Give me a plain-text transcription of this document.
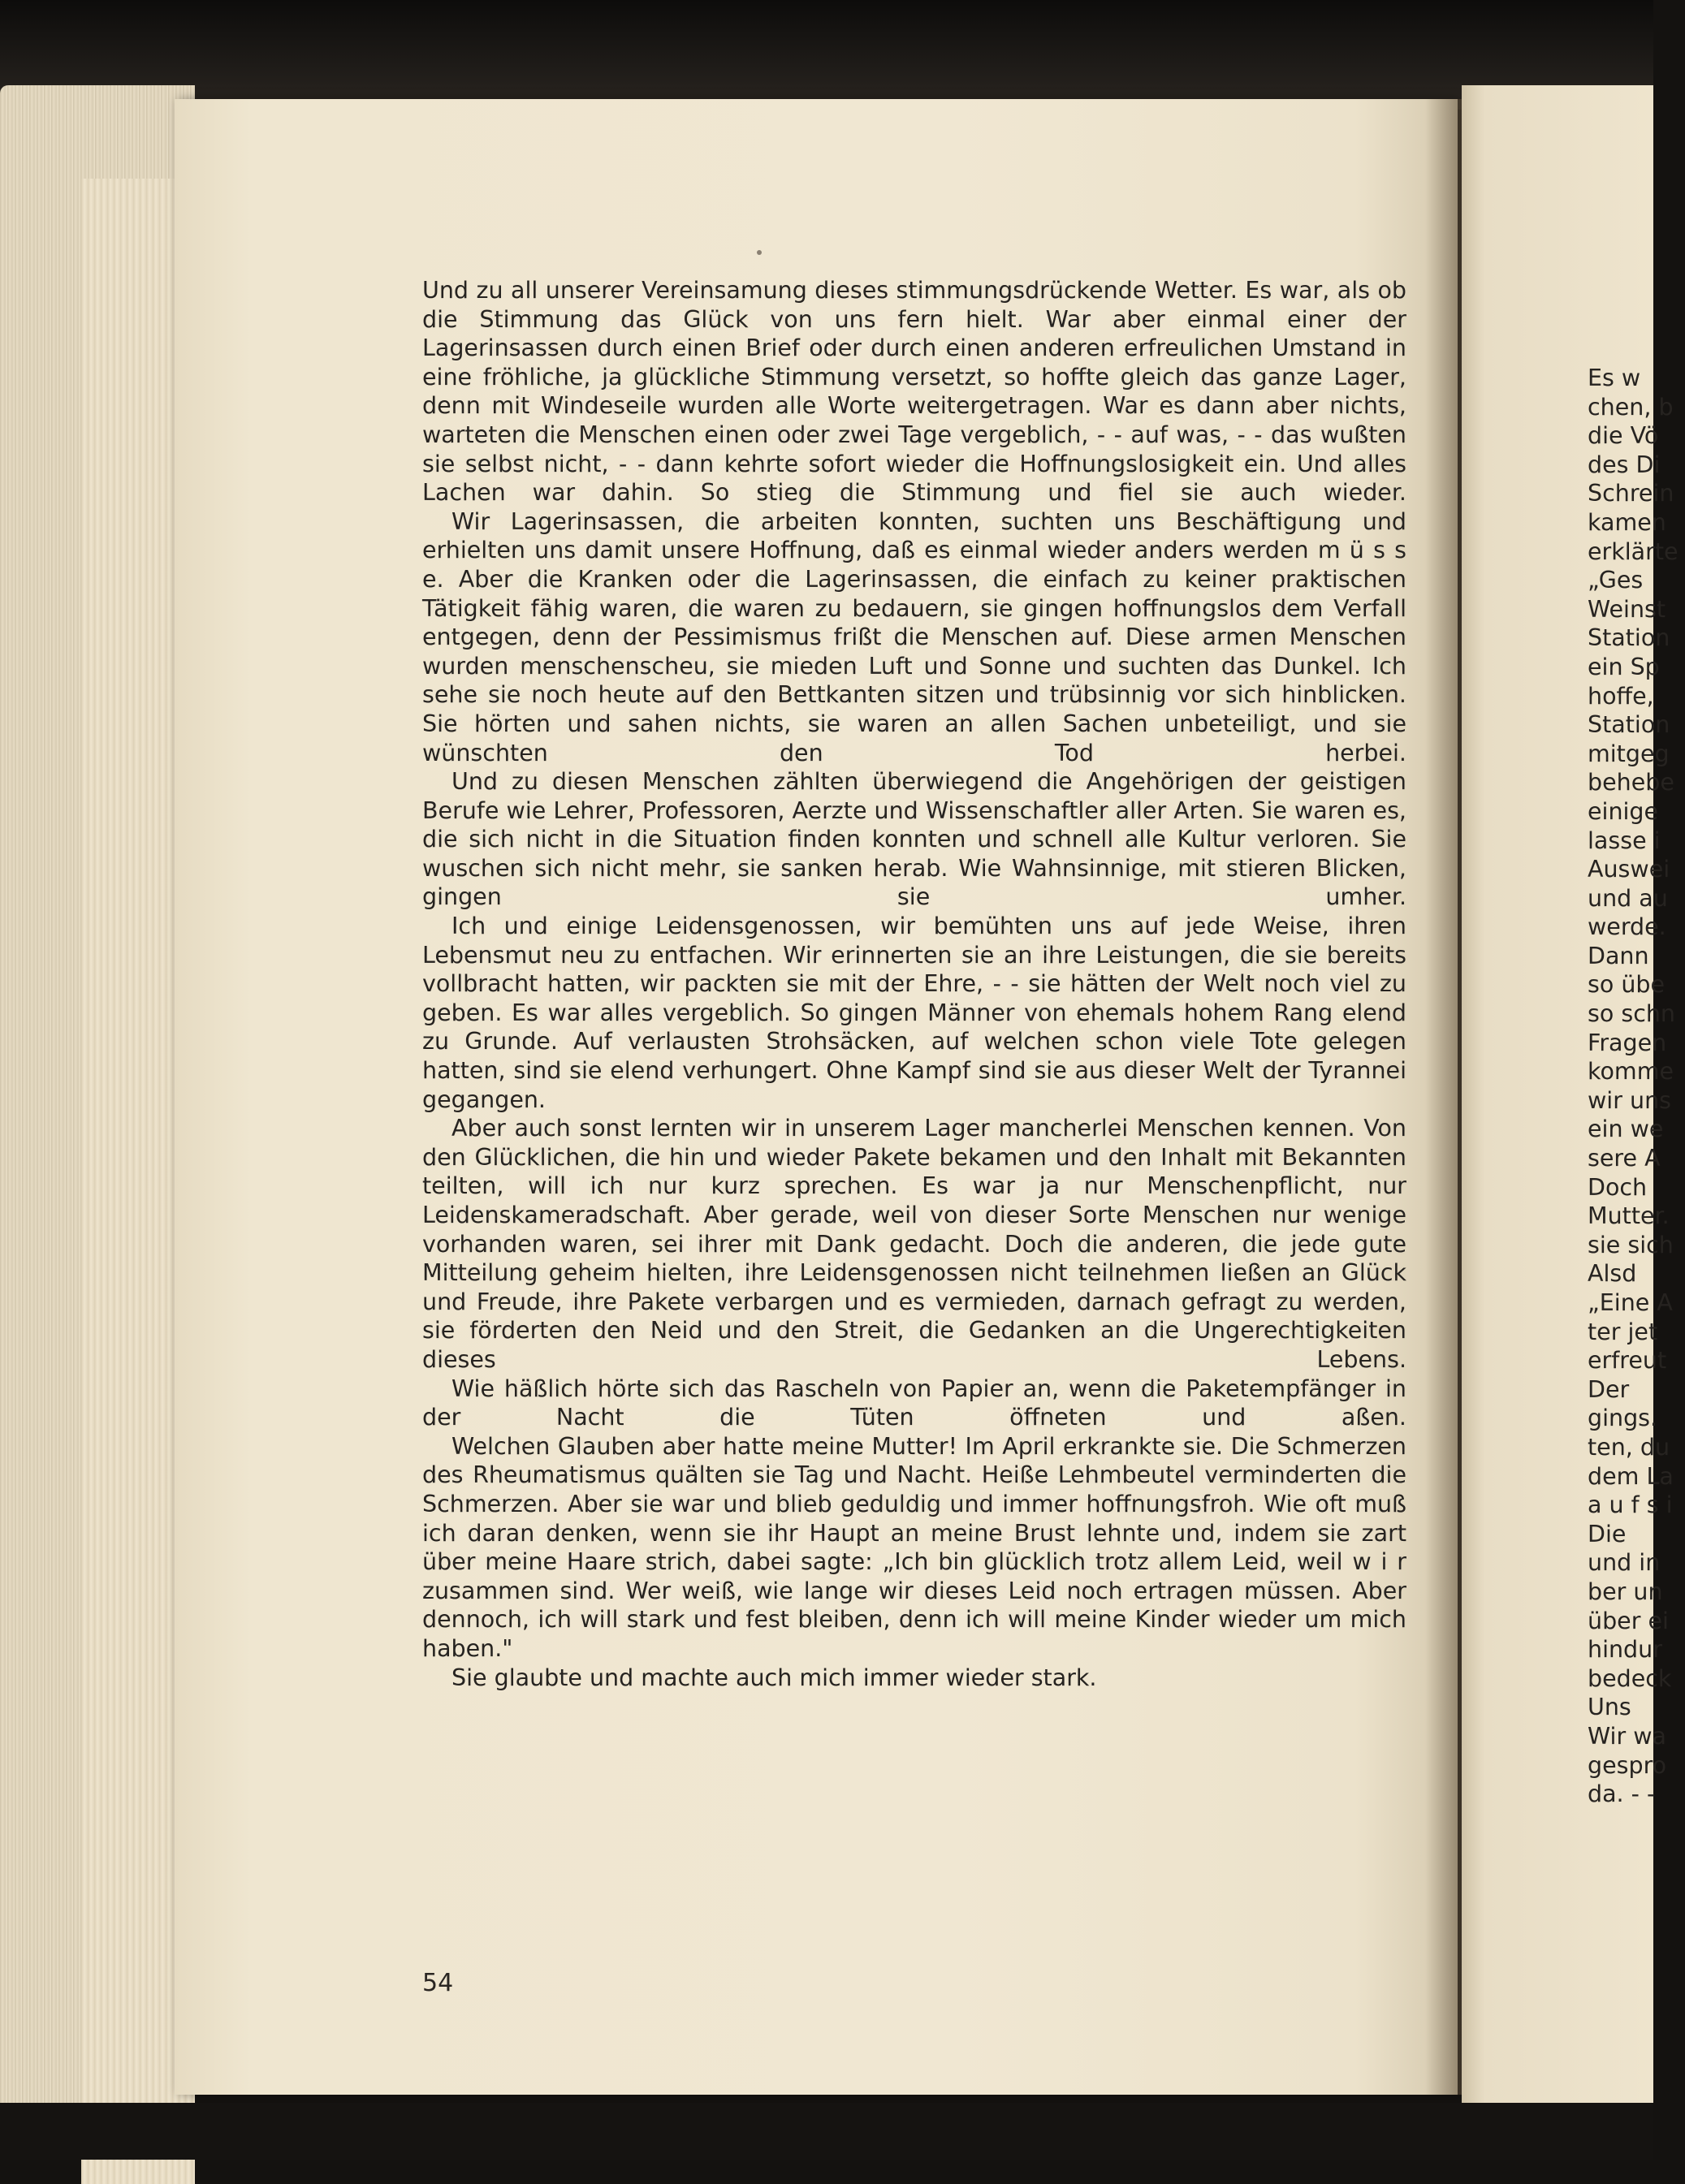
Und zu all unserer Vereinsamung dieses stimmungsdrückende Wetter. Es war, als ob die Stimmung das Glück von uns fern hielt. War aber einmal einer der Lagerinsassen durch einen Brief oder durch einen anderen erfreulichen Umstand in eine fröhliche, ja glückliche Stimmung versetzt, so hoffte gleich das ganze Lager, denn mit Windeseile wurden alle Worte weitergetragen. War es dann aber nichts, warteten die Menschen einen oder zwei Tage vergeblich, - - auf was, - - das wußten sie selbst nicht, - - dann kehrte sofort wieder die Hoffnungslosigkeit ein. Und alles Lachen war dahin. So stieg die Stimmung und fiel sie auch wieder.

Wir Lagerinsassen, die arbeiten konnten, suchten uns Beschäftigung und erhielten uns damit unsere Hoffnung, daß es einmal wieder anders werden m ü s s e. Aber die Kranken oder die Lagerinsassen, die einfach zu keiner praktischen Tätigkeit fähig waren, die waren zu bedauern, sie gingen hoffnungslos dem Verfall entgegen, denn der Pessimismus frißt die Menschen auf. Diese armen Menschen wurden menschenscheu, sie mieden Luft und Sonne und suchten das Dunkel. Ich sehe sie noch heute auf den Bettkanten sitzen und trübsinnig vor sich hinblicken. Sie hörten und sahen nichts, sie waren an allen Sachen unbeteiligt, und sie wünschten den Tod herbei.

Und zu diesen Menschen zählten überwiegend die Angehörigen der geistigen Berufe wie Lehrer, Professoren, Aerzte und Wissenschaftler aller Arten. Sie waren es, die sich nicht in die Situation finden konnten und schnell alle Kultur verloren. Sie wuschen sich nicht mehr, sie sanken herab. Wie Wahnsinnige, mit stieren Blicken, gingen sie umher.

Ich und einige Leidensgenossen, wir bemühten uns auf jede Weise, ihren Lebensmut neu zu entfachen. Wir erinnerten sie an ihre Leistungen, die sie bereits vollbracht hatten, wir packten sie mit der Ehre, - - sie hätten der Welt noch viel zu geben. Es war alles vergeblich. So gingen Männer von ehemals hohem Rang elend zu Grunde. Auf verlausten Strohsäcken, auf welchen schon viele Tote gelegen hatten, sind sie elend verhungert. Ohne Kampf sind sie aus dieser Welt der Tyrannei gegangen.

Aber auch sonst lernten wir in unserem Lager mancherlei Menschen kennen. Von den Glücklichen, die hin und wieder Pakete bekamen und den Inhalt mit Bekannten teilten, will ich nur kurz sprechen. Es war ja nur Menschenpflicht, nur Leidenskameradschaft. Aber gerade, weil von dieser Sorte Menschen nur wenige vorhanden waren, sei ihrer mit Dank gedacht. Doch die anderen, die jede gute Mitteilung geheim hielten, ihre Leidensgenossen nicht teilnehmen ließen an Glück und Freude, ihre Pakete verbargen und es vermieden, darnach gefragt zu werden, sie förderten den Neid und den Streit, die Gedanken an die Ungerechtigkeiten dieses Lebens.

Wie häßlich hörte sich das Rascheln von Papier an, wenn die Paketempfänger in der Nacht die Tüten öffneten und aßen.

Welchen Glauben aber hatte meine Mutter! Im April erkrankte sie. Die Schmerzen des Rheumatismus quälten sie Tag und Nacht. Heiße Lehmbeutel verminderten die Schmerzen. Aber sie war und blieb geduldig und immer hoffnungsfroh. Wie oft muß ich daran denken, wenn sie ihr Haupt an meine Brust lehnte und, indem sie zart über meine Haare strich, dabei sagte: „Ich bin glücklich trotz allem Leid, weil w i r zusammen sind. Wer weiß, wie lange wir dieses Leid noch ertragen müssen. Aber dennoch, ich will stark und fest bleiben, denn ich will meine Kinder wieder um mich haben."

Sie glaubte und machte auch mich immer wieder stark.

54
Es w
chen, b
die Vö
des Di
Schrein
kamen
erklärte
„Ges
Weinst
Station
ein Sp
hoffe,
Station
mitgeg
behebe
einige
lasse i
Auswei
und au
werde.
Dann
so übe
so schn
Fragen
komme
wir uns
ein we
sere A
Doch
Mutter.
sie sich
Alsd
„Eine A
ter jet
erfreut
Der
gings.
ten, du
dem La
a u f s i
Die
und in
ber un
über ei
hindur
bedeck
Uns
Wir wa
gespro
da. - -
